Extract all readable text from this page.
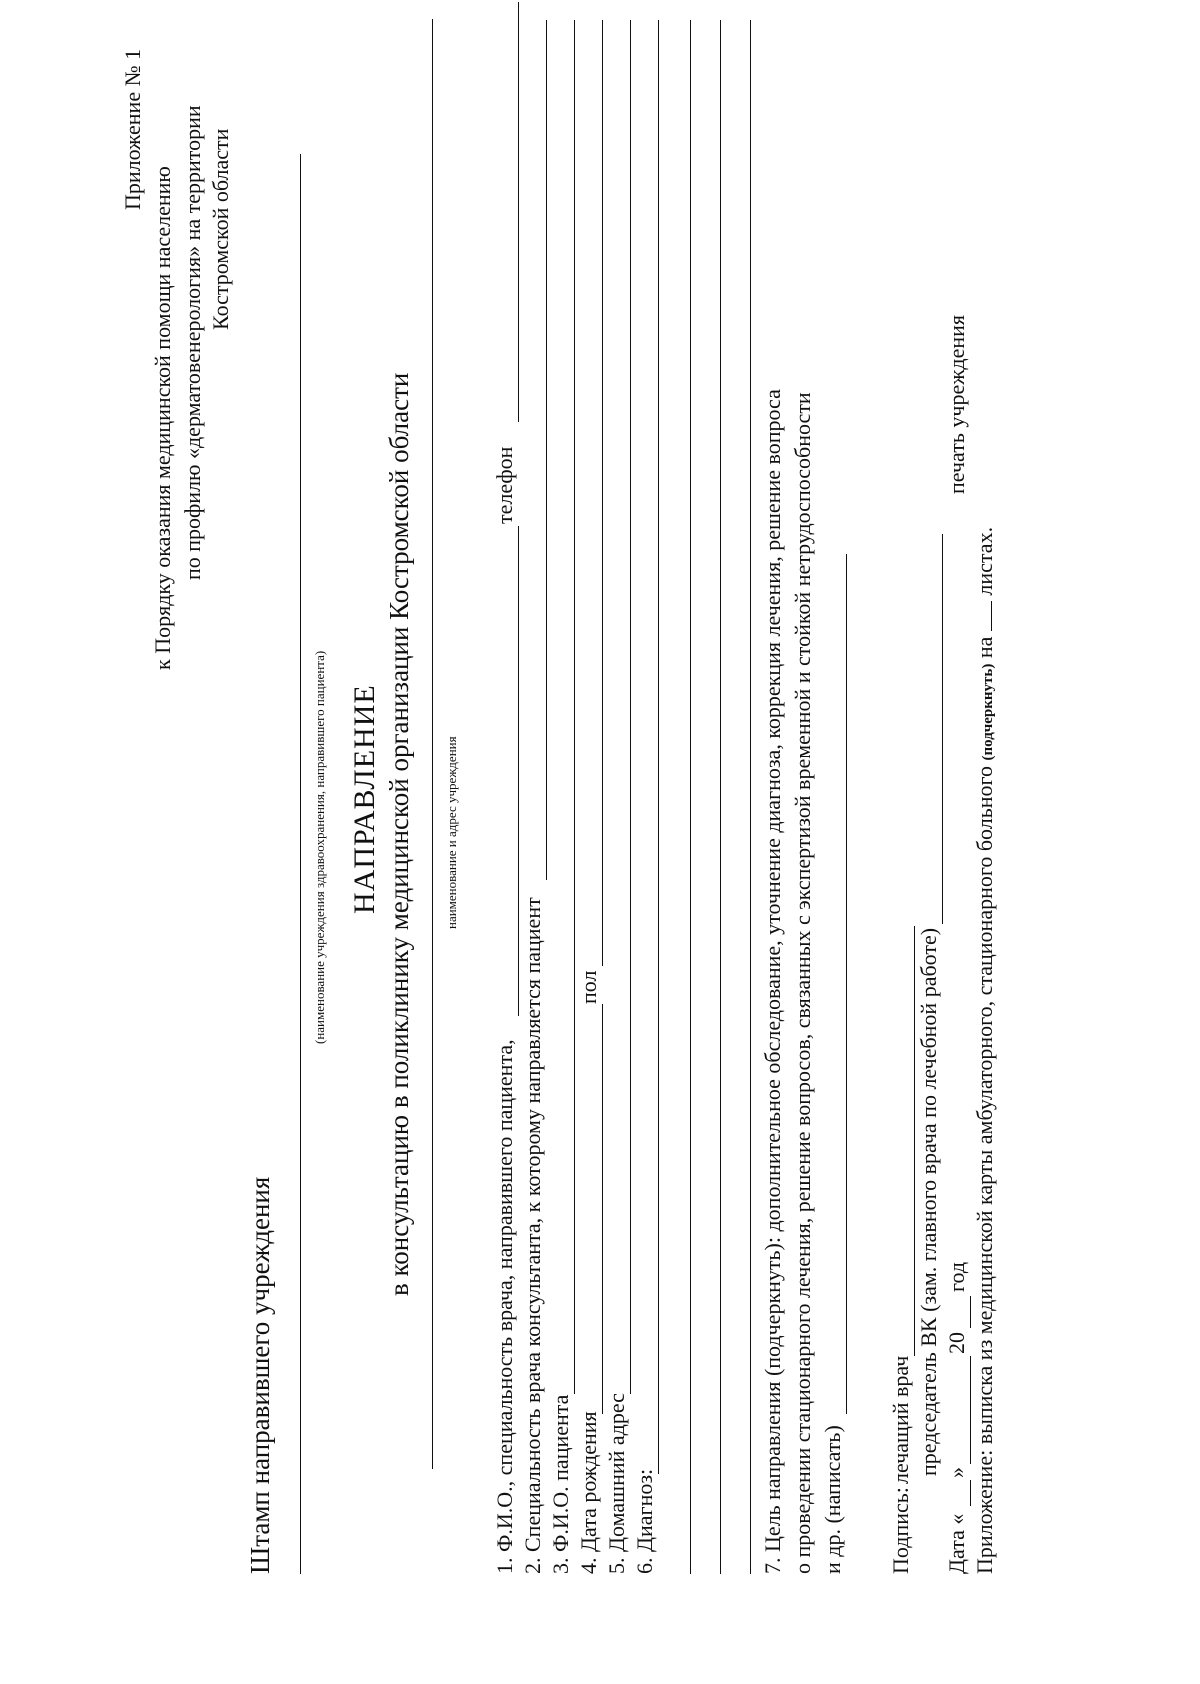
Приложение № 1
к Порядку оказания медицинской помощи населению по профилю «дерматовенерология» на территории Костромской области
Штамп направившего учреждения
(наименование учреждения здравоохранения, направившего пациента) НАПРАВЛЕНИЕ в консультацию в поликлинику медицинской организации Костромской области наименование и адрес учреждения
1. Ф.И.О., специальность врача, направившего пациента,
телефон
2. Специальность врача консультанта, к которому направляется пациент 3. Ф.И.О. пациента 4. Дата рождения
пол
5. Домашний адрес 6. Диагноз:	7. Цель направления (подчеркнуть): дополнительное обследование, уточнение диагноза, коррекция лечения, решение вопроса о проведении стационарного лечения, решение вопросов, связанных с экспертизой временной и стойкой нетрудоспособности и др. (написать) Подпись:
лечащий врач председатель ВК (зам. главного врача по лечебной работе)
Дата «
»
20
год
печать учреждения
Приложение: выписка из медицинской карты амбулаторного, стационарного больного (подчеркнуть) на  листах.
